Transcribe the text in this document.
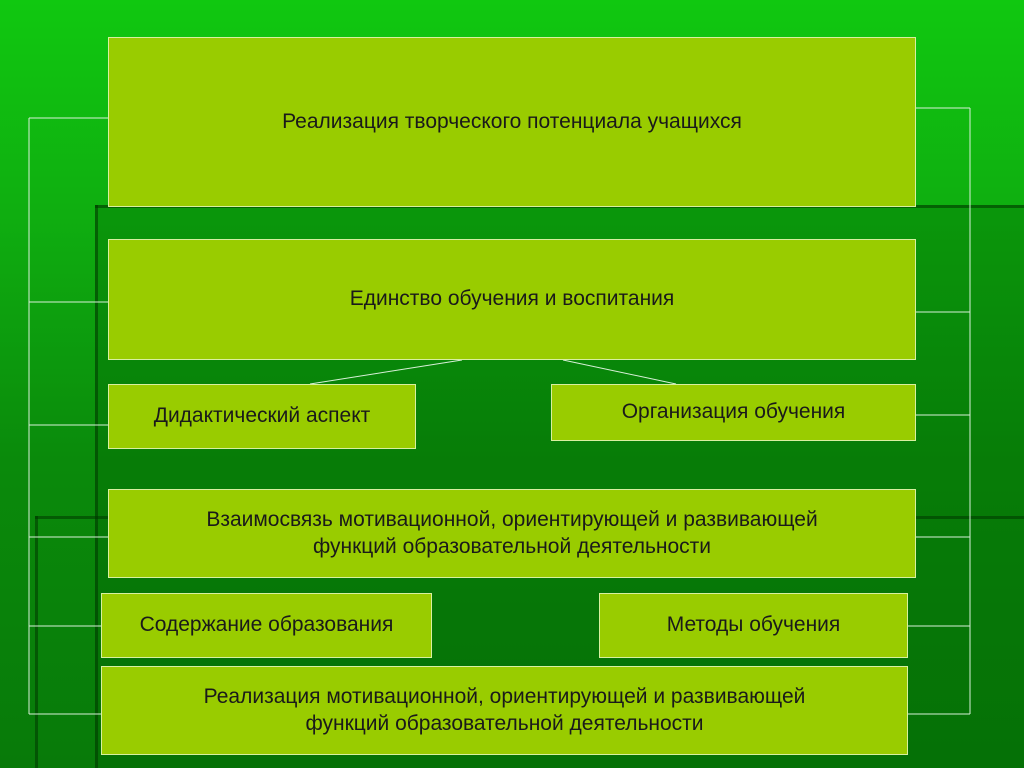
Реализация творческого потенциала учащихся
Единство обучения и воспитания
Дидактический аспект	Организация обучения
Взаимосвязь мотивационной, ориентирующей и развивающей
функций образовательной деятельности
Содержание образования	Методы обучения
Реализация мотивационной, ориентирующей и развивающей
функций образовательной деятельности
